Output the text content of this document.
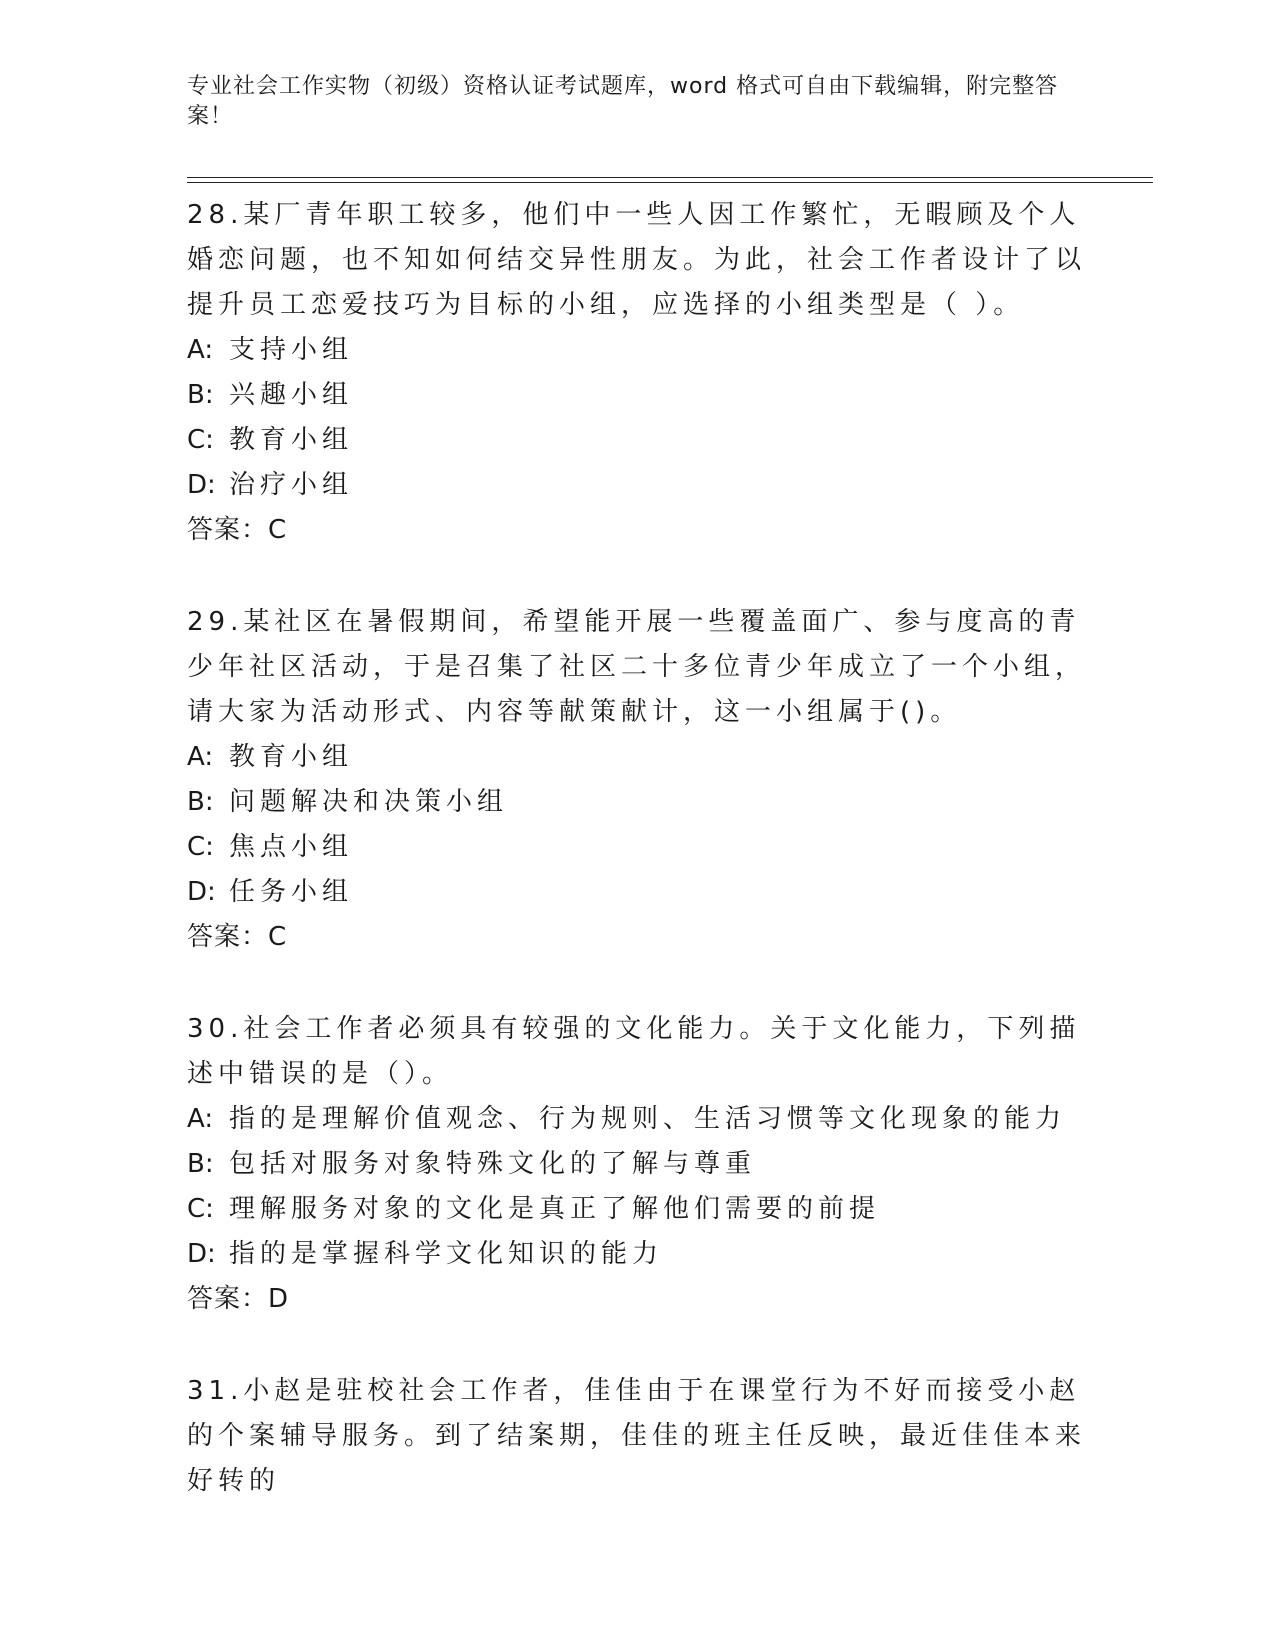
专业社会工作实物（初级）资格认证考试题库，word 格式可自由下载编辑，附完整答案！

28.某厂青年职工较多，他们中一些人因工作繁忙，无暇顾及个人婚恋问题，也不知如何结交异性朋友。为此，社会工作者设计了以提升员工恋爱技巧为目标的小组，应选择的小组类型是（ ）。

A: 支持小组

B: 兴趣小组

C: 教育小组

D: 治疗小组

答案：C

29.某社区在暑假期间，希望能开展一些覆盖面广、参与度高的青少年社区活动，于是召集了社区二十多位青少年成立了一个小组，请大家为活动形式、内容等献策献计，这一小组属于()。

A: 教育小组

B: 问题解决和决策小组

C: 焦点小组

D: 任务小组

答案：C

30.社会工作者必须具有较强的文化能力。关于文化能力，下列描述中错误的是（）。

A: 指的是理解价值观念、行为规则、生活习惯等文化现象的能力

B: 包括对服务对象特殊文化的了解与尊重

C: 理解服务对象的文化是真正了解他们需要的前提

D: 指的是掌握科学文化知识的能力

答案：D

31.小赵是驻校社会工作者，佳佳由于在课堂行为不好而接受小赵的个案辅导服务。到了结案期，佳佳的班主任反映，最近佳佳本来好转的
